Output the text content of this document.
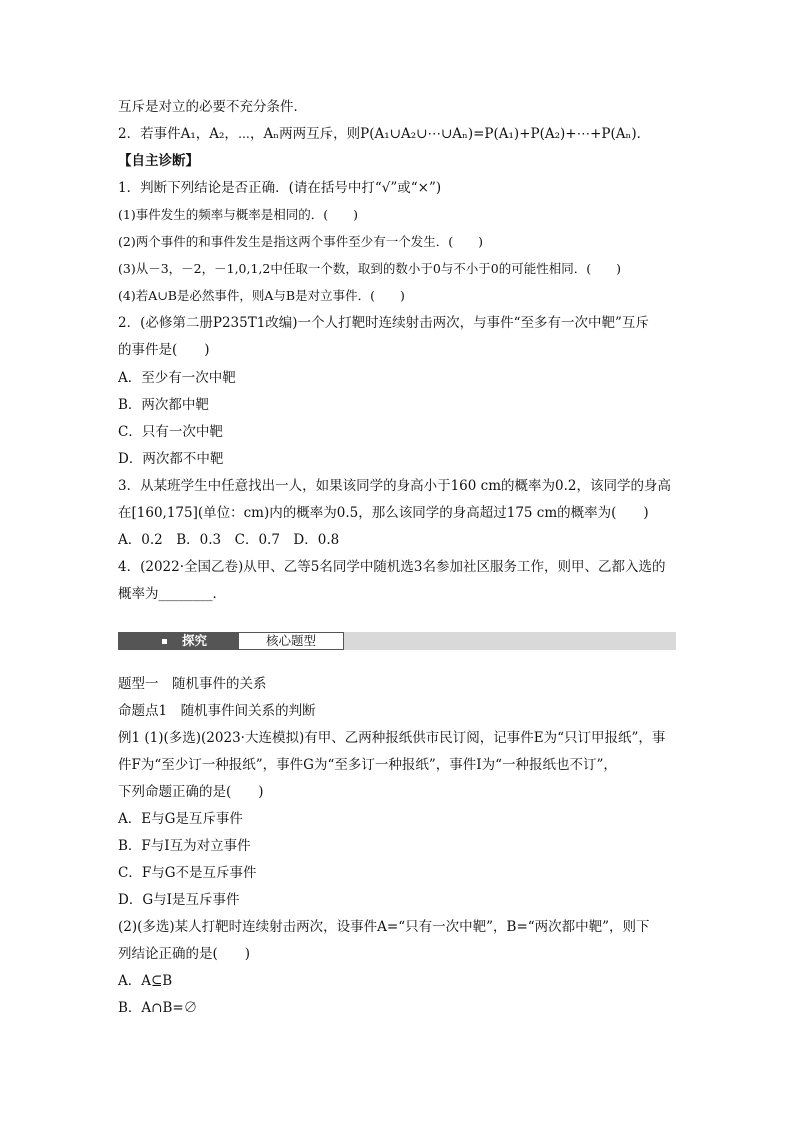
互斥是对立的必要不充分条件．
2．若事件A₁，A₂，⋯，Aₙ两两互斥，则P(A₁∪A₂∪⋯∪Aₙ)=P(A₁)+P(A₂)+⋯+P(Aₙ)．
【自主诊断】
1．判断下列结论是否正确．(请在括号中打“√”或“×”)
(1)事件发生的频率与概率是相同的．(　　)
(2)两个事件的和事件发生是指这两个事件至少有一个发生．(　　)
(3)从－3，－2，－1,0,1,2中任取一个数，取到的数小于0与不小于0的可能性相同．(　　)
(4)若A∪B是必然事件，则A与B是对立事件．(　　)
2．(必修第二册P235T1改编)一个人打靶时连续射击两次，与事件“至多有一次中靶”互斥
的事件是(　　)
A．至少有一次中靶
B．两次都中靶
C．只有一次中靶
D．两次都不中靶
3．从某班学生中任意找出一人，如果该同学的身高小于160 cm的概率为0.2，该同学的身高
在[160,175](单位：cm)内的概率为0.5，那么该同学的身高超过175 cm的概率为(　　)
A．0.2　B．0.3　C．0.7　D．0.8
4．(2022·全国乙卷)从甲、乙等5名同学中随机选3名参加社区服务工作，则甲、乙都入选的
概率为________．
探究	核心题型
题型一　随机事件的关系
命题点1　随机事件间关系的判断
例1 (1)(多选)(2023·大连模拟)有甲、乙两种报纸供市民订阅，记事件E为“只订甲报纸”，事
件F为“至少订一种报纸”，事件G为“至多订一种报纸”，事件I为“一种报纸也不订”，
下列命题正确的是(　　)
A．E与G是互斥事件
B．F与I互为对立事件
C．F与G不是互斥事件
D．G与I是互斥事件
(2)(多选)某人打靶时连续射击两次，设事件A=“只有一次中靶”，B=“两次都中靶”，则下
列结论正确的是(　　)
A．A⊆B
B．A∩B=∅
